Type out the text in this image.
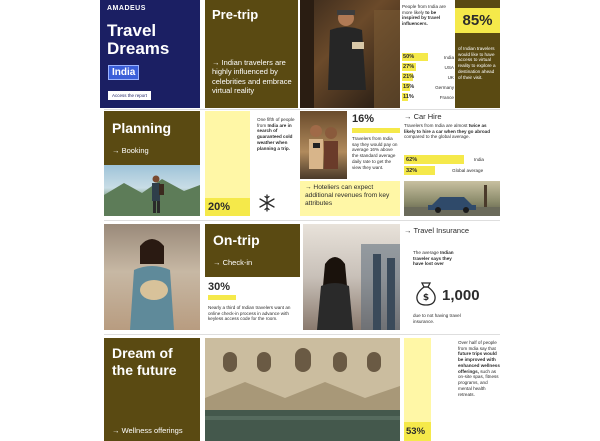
AMADEUS
Travel
Dreams
India
Access the report
Pre-trip
→ Indian travelers are highly influenced by celebrities and embrace virtual reality
People from India are more likely to be inspired by travel influencers.
50%	India
27%	USA
21%	UK
15%	Germany
11%	France
85%
of Indian travelers would like to have access to virtual reality to explore a destination ahead of their visit.
Planning
→ Booking
20%
One fifth of people from India are in search of guaranteed cold weather when planning a trip.
16%
Travelers from India say they would pay on average 16% above the standard average daily rate to get the view they want.
→ Hoteliers can expect additional revenues from key attributes
→ Car Hire
Travelers from India are almost twice as likely to hire a car when they go abroad compared to the global average.
62%	India
32%	Global average
On-trip
→ Check-in
30%
Nearly a third of Indian travelers want an online check-in process in advance with keyless access code for the room.
→ Travel Insurance
The average Indian traveler says they have lost over
$ 1,000
due to not having travel insurance.
Dream of
the future
→ Wellness offerings	53%
Over half of people from India say that future trips would be improved with enhanced wellness offerings, such as on-site spas, fitness programs, and mental health retreats.
